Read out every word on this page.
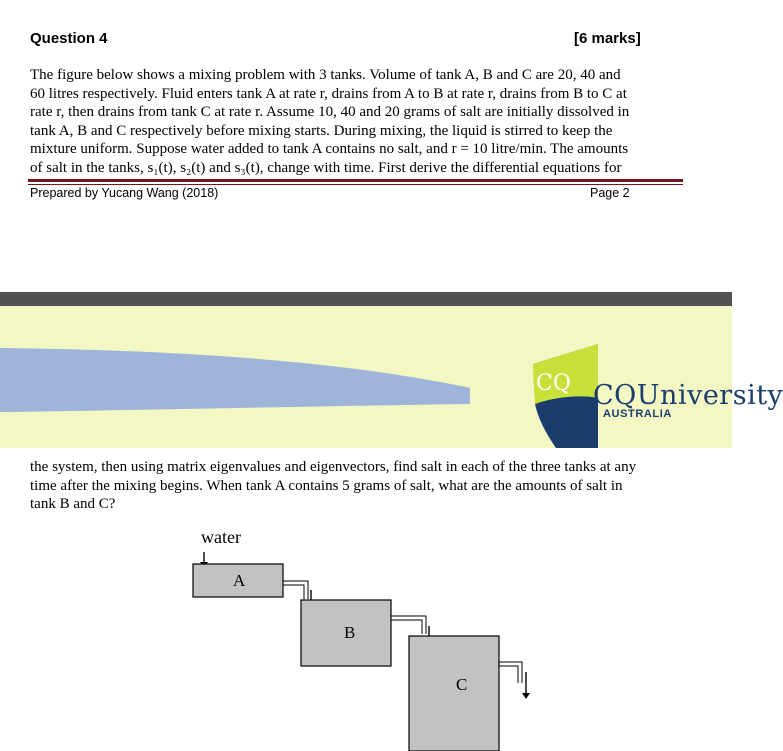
Question 4	[6 marks]

The figure below shows a mixing problem with 3 tanks. Volume of tank A, B and C are 20, 40 and

60 litres respectively. Fluid enters tank A at rate r, drains from A to B at rate r, drains from B to C at

rate r, then drains from tank C at rate r. Assume 10, 40 and 20 grams of salt are initially dissolved in

tank A, B and C respectively before mixing starts. During mixing, the liquid is stirred to keep the

mixture uniform. Suppose water added to tank A contains no salt, and r = 10 litre/min. The amounts

of salt in the tanks, s₁(t), s₂(t) and s₃(t), change with time. First derive the differential equations for

Prepared by Yucang Wang (2018)	Page 2
CQ CQUniversity
AUSTRALIA

the system, then using matrix eigenvalues and eigenvectors, find salt in each of the three tanks at any

time after the mixing begins. When tank A contains 5 grams of salt, what are the amounts of salt in

tank B and C?

water
A
B
C
